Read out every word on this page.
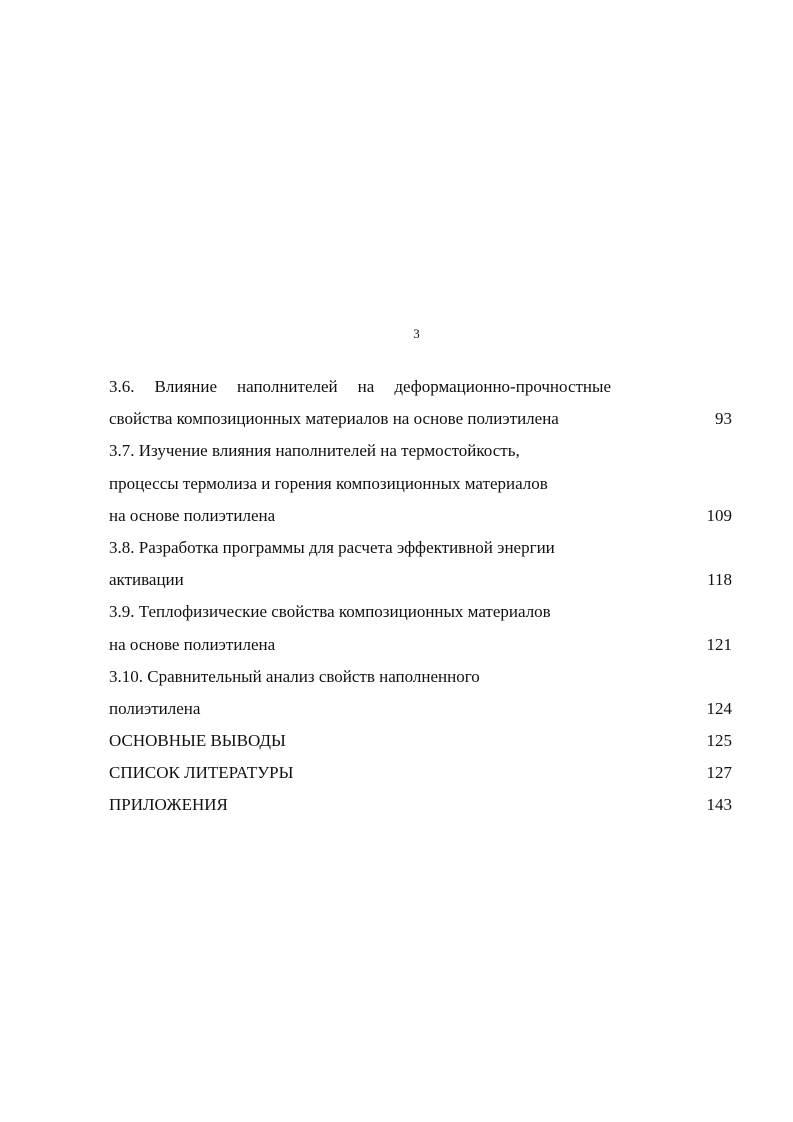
3
3.6. Влияние наполнителей на деформационно-прочностные
свойства композиционных материалов на основе полиэтилена	93
3.7. Изучение влияния наполнителей на термостойкость,
процессы термолиза и горения композиционных материалов
на основе полиэтилена	109
3.8. Разработка программы для расчета эффективной энергии
активации	118
3.9. Теплофизические свойства композиционных материалов
на основе полиэтилена	121
3.10. Сравнительный анализ свойств наполненного
полиэтилена	124
ОСНОВНЫЕ ВЫВОДЫ	125
СПИСОК ЛИТЕРАТУРЫ	127
ПРИЛОЖЕНИЯ	143
